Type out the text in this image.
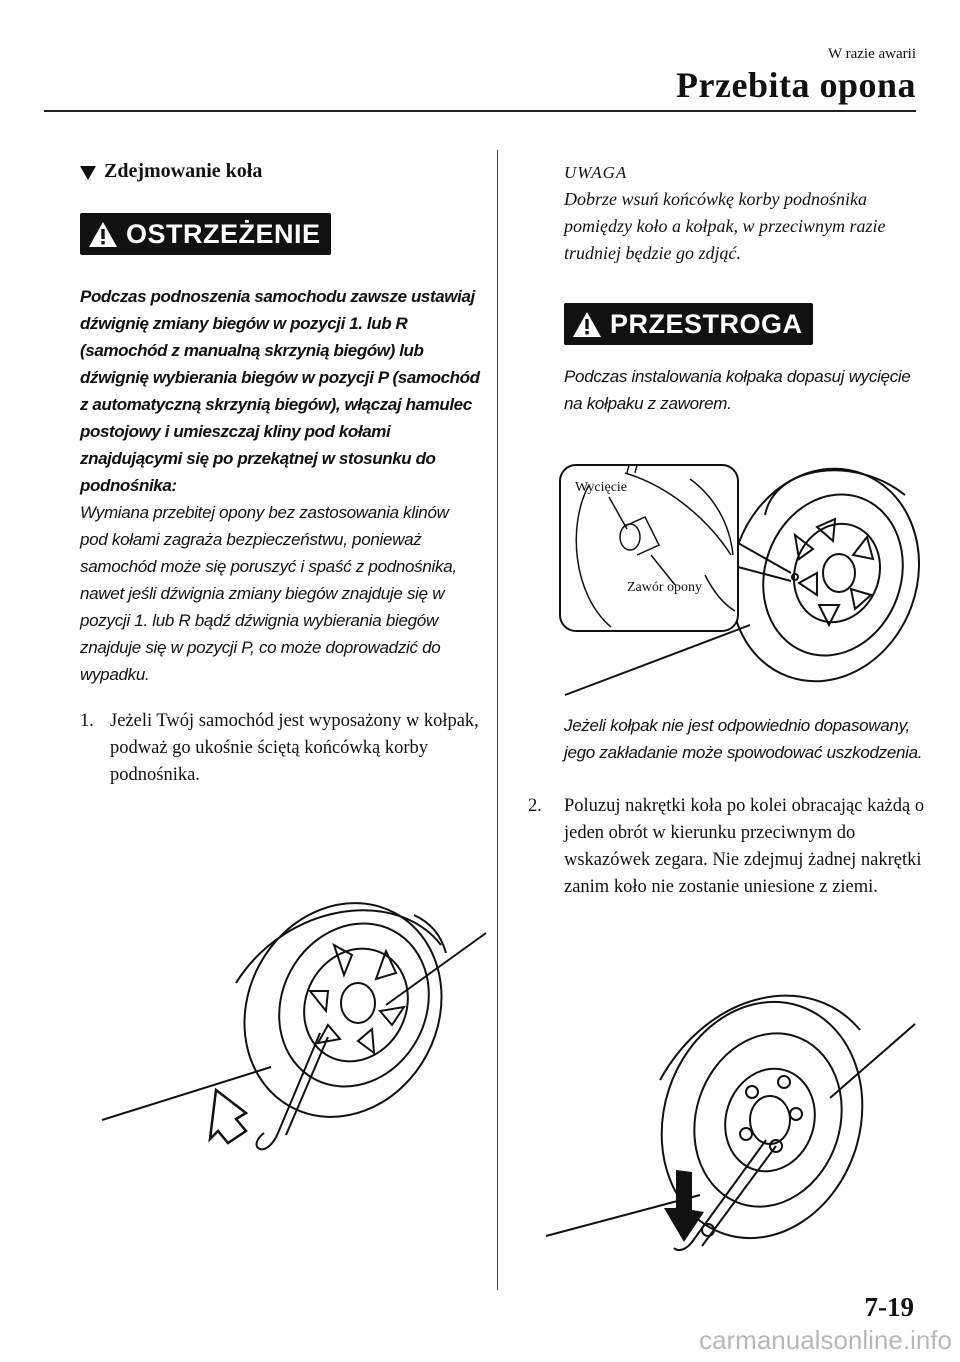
W razie awarii
Przebita opona
Zdejmowanie koła
OSTRZEŻENIE

Podczas podnoszenia samochodu zawsze ustawiaj dźwignię zmiany biegów w pozycji 1. lub R (samochód z manualną skrzynią biegów) lub dźwignię wybierania biegów w pozycji P (samochód z automatyczną skrzynią biegów), włączaj hamulec postojowy i umieszczaj kliny pod kołami znajdującymi się po przekątnej w stosunku do podnośnika:

Wymiana przebitej opony bez zastosowania klinów pod kołami zagraża bezpieczeństwu, ponieważ samochód może się poruszyć i spaść z podnośnika, nawet jeśli dźwignia zmiany biegów znajduje się w pozycji 1. lub R bądź dźwignia wybierania biegów znajduje się w pozycji P, co może doprowadzić do wypadku.

1. Jeżeli Twój samochód jest wyposażony w kołpak, podważ go ukośnie ściętą końcówką korby podnośnika.
UWAGA
Dobrze wsuń końcówkę korby podnośnika pomiędzy koło a kołpak, w przeciwnym razie trudniej będzie go zdjąć.
PRZESTROGA
Podczas instalowania kołpaka dopasuj wycięcie na kołpaku z zaworem.
Wycięcie
Zawór opony
Jeżeli kołpak nie jest odpowiednio dopasowany, jego zakładanie może spowodować uszkodzenia.
2.	Poluzuj nakrętki koła po kolei obracając każdą o jeden obrót w kierunku przeciwnym do wskazówek zegara. Nie zdejmuj żadnej nakrętki zanim koło nie zostanie uniesione z ziemi.
7-19
carmanualsonline.info
